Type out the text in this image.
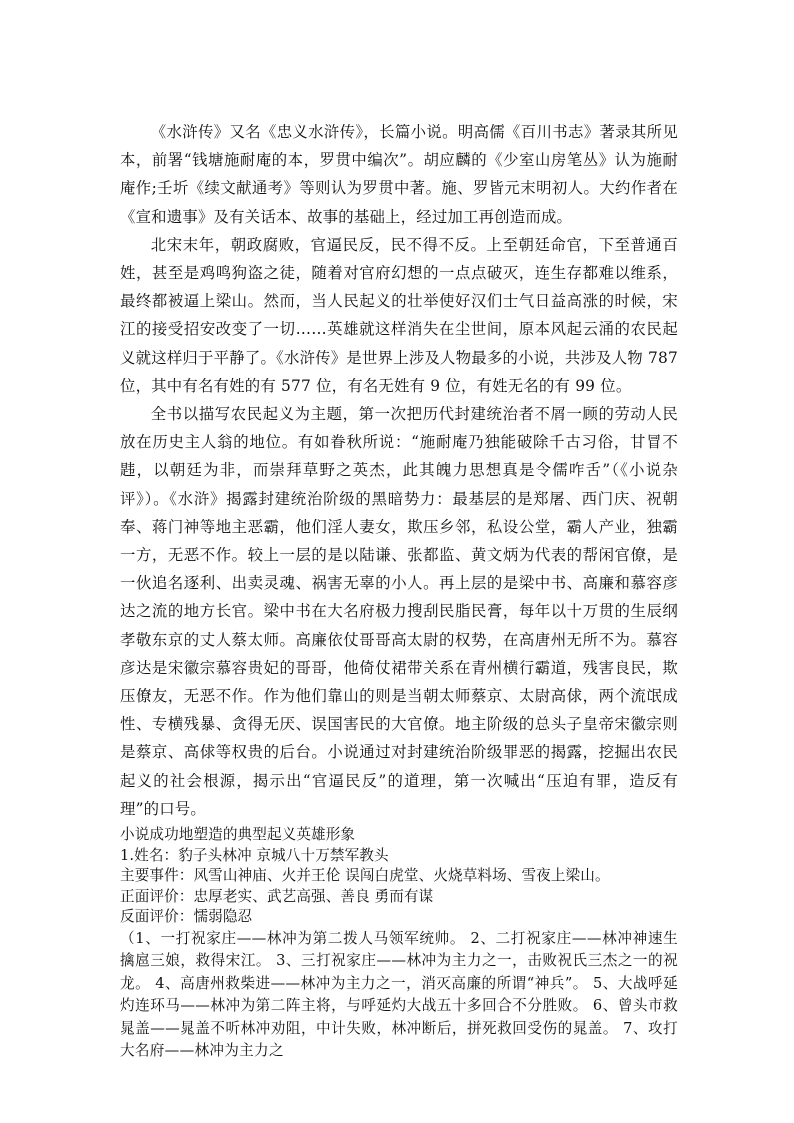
《水浒传》又名《忠义水浒传》，长篇小说。明高儒《百川书志》著录其所见本，前署“钱塘施耐庵的本，罗贯中编次”。胡应麟的《少室山房笔丛》认为施耐庵作;壬圻《续文献通考》等则认为罗贯中著。施、罗皆元末明初人。大约作者在《宣和遗事》及有关话本、故事的基础上，经过加工再创造而成。

北宋末年，朝政腐败，官逼民反，民不得不反。上至朝廷命官，下至普通百姓，甚至是鸡鸣狗盗之徒，随着对官府幻想的一点点破灭，连生存都难以维系，最终都被逼上梁山。然而，当人民起义的壮举使好汉们士气日益高涨的时候，宋江的接受招安改变了一切……英雄就这样消失在尘世间，原本风起云涌的农民起义就这样归于平静了。《水浒传》是世界上涉及人物最多的小说，共涉及人物 787 位，其中有名有姓的有 577 位，有名无姓有 9 位，有姓无名的有 99 位。

全书以描写农民起义为主题，第一次把历代封建统治者不屑一顾的劳动人民放在历史主人翁的地位。有如眷秋所说：“施耐庵乃独能破除千古习俗，甘冒不韪，以朝廷为非，而崇拜草野之英杰，此其魄力思想真是令儒咋舌”（《小说杂评》）。《水浒》揭露封建统治阶级的黑暗势力：最基层的是郑屠、西门庆、祝朝奉、蒋门神等地主恶霸，他们淫人妻女，欺压乡邻，私设公堂，霸人产业，独霸一方，无恶不作。较上一层的是以陆谦、张都监、黄文炳为代表的帮闲官僚，是一伙追名逐利、出卖灵魂、祸害无辜的小人。再上层的是梁中书、高廉和慕容彦达之流的地方长官。梁中书在大名府极力搜刮民脂民膏，每年以十万贯的生辰纲孝敬东京的丈人蔡太师。高廉依仗哥哥高太尉的权势，在高唐州无所不为。慕容彦达是宋徽宗慕容贵妃的哥哥，他倚仗裙带关系在青州横行霸道，残害良民，欺压僚友，无恶不作。作为他们靠山的则是当朝太师蔡京、太尉高俅，两个流氓成性、专横残暴、贪得无厌、误国害民的大官僚。地主阶级的总头子皇帝宋徽宗则是蔡京、高俅等权贵的后台。小说通过对封建统治阶级罪恶的揭露，挖掘出农民起义的社会根源，揭示出“官逼民反”的道理，第一次喊出“压迫有罪，造反有理”的口号。

小说成功地塑造的典型起义英雄形象

1.姓名：豹子头林冲 京城八十万禁军教头

主要事件：风雪山神庙、火并王伦 误闯白虎堂、火烧草料场、雪夜上梁山。

正面评价：忠厚老实、武艺高强、善良 勇而有谋

反面评价：懦弱隐忍

（1、一打祝家庄——林冲为第二拨人马领军统帅。 2、二打祝家庄——林冲神速生擒扈三娘，救得宋江。 3、三打祝家庄——林冲为主力之一，击败祝氏三杰之一的祝龙。 4、高唐州救柴进——林冲为主力之一，消灭高廉的所谓“神兵”。 5、大战呼延灼连环马——林冲为第二阵主将，与呼延灼大战五十多回合不分胜败。 6、曾头市救晁盖——晁盖不听林冲劝阻，中计失败，林冲断后，拼死救回受伤的晁盖。 7、攻打大名府——林冲为主力之
